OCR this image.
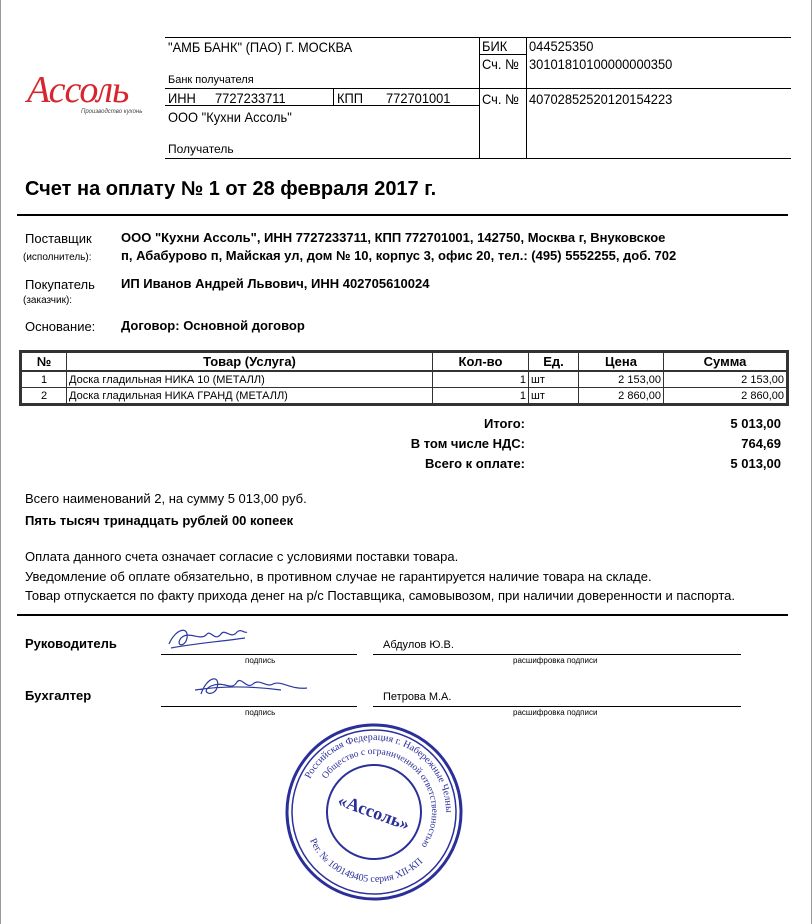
Ассоль
Производство кухонь
"АМБ БАНК" (ПАО) Г. МОСКВА
Банк получателя
БИК 044525350
Сч. № 30101810100000000350
ИНН 7727233711	КПП 772701001 Сч. № 40702852520120154223
ООО "Кухни Ассоль"
Получатель
Счет на оплату № 1 от 28 февраля 2017 г.
Поставщик
(исполнитель):
ООО "Кухни Ассоль", ИНН 7727233711, КПП 772701001, 142750, Москва г, Внуковское
п, Абабурово п, Майская ул, дом № 10, корпус 3, офис 20, тел.: (495) 5552255, доб. 702
Покупатель
(заказчик):
ИП Иванов Андрей Львович, ИНН 402705610024
Основание: Договор: Основной договор
№	Товар (Услуга)	Кол-во	Ед.	Цена	Сумма
1	Доска гладильная НИКА 10 (МЕТАЛЛ)	1	шт	2 153,00	2 153,00
2	Доска гладильная НИКА ГРАНД (МЕТАЛЛ)	1	шт	2 860,00	2 860,00
Итого:	5 013,00
В том числе НДС:	764,69
Всего к оплате:	5 013,00
Всего наименований 2, на сумму 5 013,00 руб.
Пять тысяч тринадцать рублей 00 копеек
Оплата данного счета означает согласие с условиями поставки товара.
Уведомление об оплате обязательно, в противном случае не гарантируется наличие товара на складе.
Товар отпускается по факту прихода денег на р/с Поставщика, самовывозом, при наличии доверенности и паспорта.
Руководитель
подпись
Абдулов Ю.В.
расшифровка подписи
Бухгалтер
подпись
Петрова М.А.
расшифровка подписи
Российская Федерация г. Набережные Челны
Общество с ограниченной ответственностью
Рег. № 100149405 серия XII-КП
«Ассоль»
